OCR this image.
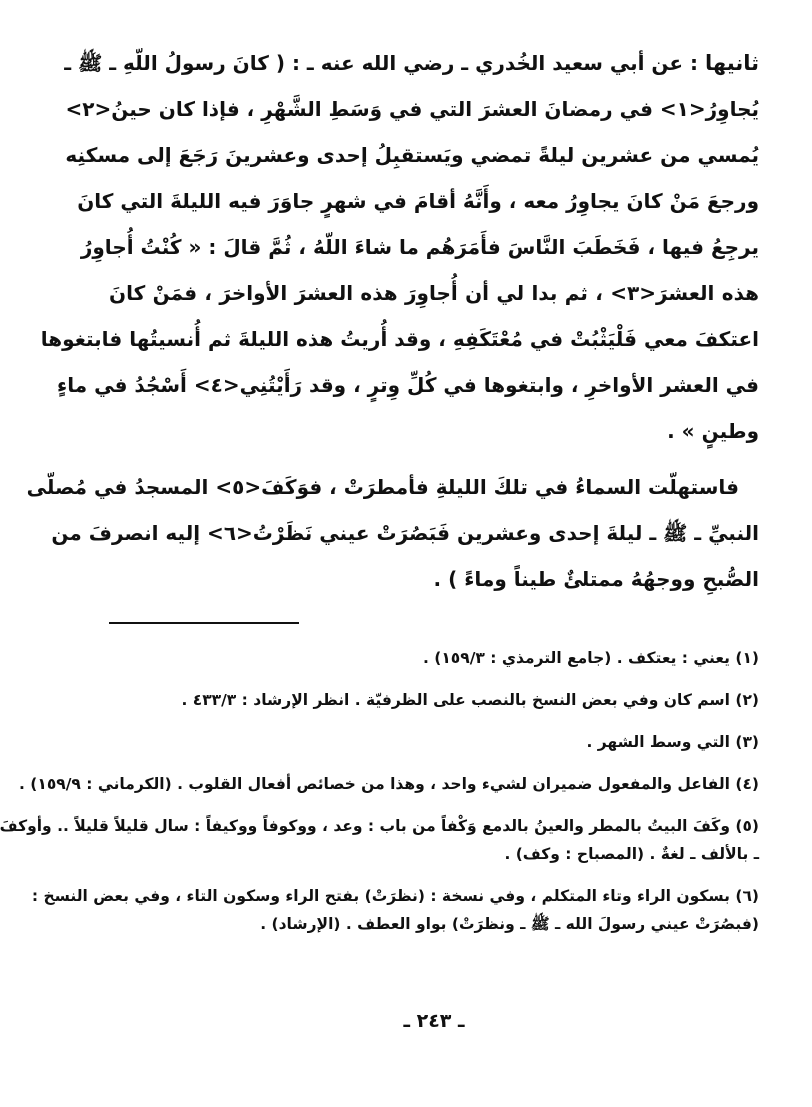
ثانيها : عن أبي سعيد الخُدري ـ رضي الله عنه ـ : ( كانَ رسولُ اللّهِ ـ ﷺ ـ
يُجاوِرُ<١> في رمضانَ العشرَ التي في وَسَطِ الشَّهْرِ ، فإذا كان حينُ<٢>
يُمسي من عشرين ليلةً تمضي ويَستقبِلُ إحدى وعشرينَ رَجَعَ إلى مسكنِه
ورجعَ مَنْ كانَ يجاوِرُ معه ، وأَنَّهُ أقامَ في شهرٍ جاوَرَ فيه الليلةَ التي كانَ
يرجِعُ فيها ، فَخَطَبَ النَّاسَ فأَمَرَهُم ما شاءَ اللّهُ ، ثُمَّ قالَ : « كُنْتُ أُجاوِرُ
هذه العشرَ<٣> ، ثم بدا لي أن أُجاوِرَ هذه العشرَ الأواخرَ ، فمَنْ كانَ
اعتكفَ معي فَلْيَثْبُتْ في مُعْتَكَفِهِ ، وقد أُريتُ هذه الليلةَ ثم أُنسيتُها فابتغوها
في العشر الأواخرِ ، وابتغوها في كُلِّ وِترٍ ، وقد رَأَيْتُنِي<٤> أَسْجُدُ في ماءٍ
وطينٍ » .
فاستهلّت السماءُ في تلكَ الليلةِ فأمطرَتْ ، فوَكَفَ<٥> المسجدُ في مُصلّى
النبيِّ ـ ﷺ ـ ليلةَ إحدى وعشرين فَبَصُرَتْ عيني نَظَرْتُ<٦> إليه انصرفَ من
الصُّبحِ ووجهُهُ ممتلئٌ طيناً وماءً ) .
(١) يعني : يعتكف . (جامع الترمذي : ١٥٩/٣) .
(٢) اسم كان وفي بعض النسخ بالنصب على الظرفيّة . انظر الإرشاد : ٤٣٣/٣ .
(٣) التي وسط الشهر .
(٤) الفاعل والمفعول ضميران لشيء واحد ، وهذا من خصائص أفعال القلوب . (الكرماني : ١٥٩/٩) .
(٥) وكَفَ البيتُ بالمطر والعينُ بالدمع وَكْفاً من باب : وعد ، ووكوفاً ووكيفاً : سال قليلاً قليلاً .. وأوكفَ
ـ بالألف ـ لغةٌ . (المصباح : وكف) .
(٦) بسكون الراء وتاء المتكلم ، وفي نسخة : (نظرَتْ) بفتح الراء وسكون التاء ، وفي بعض النسخ :
(فبصُرَتْ عيني رسولَ الله ـ ﷺ ـ ونظرَتْ) بواو العطف . (الإرشاد) .
ـ ٢٤٣ ـ
